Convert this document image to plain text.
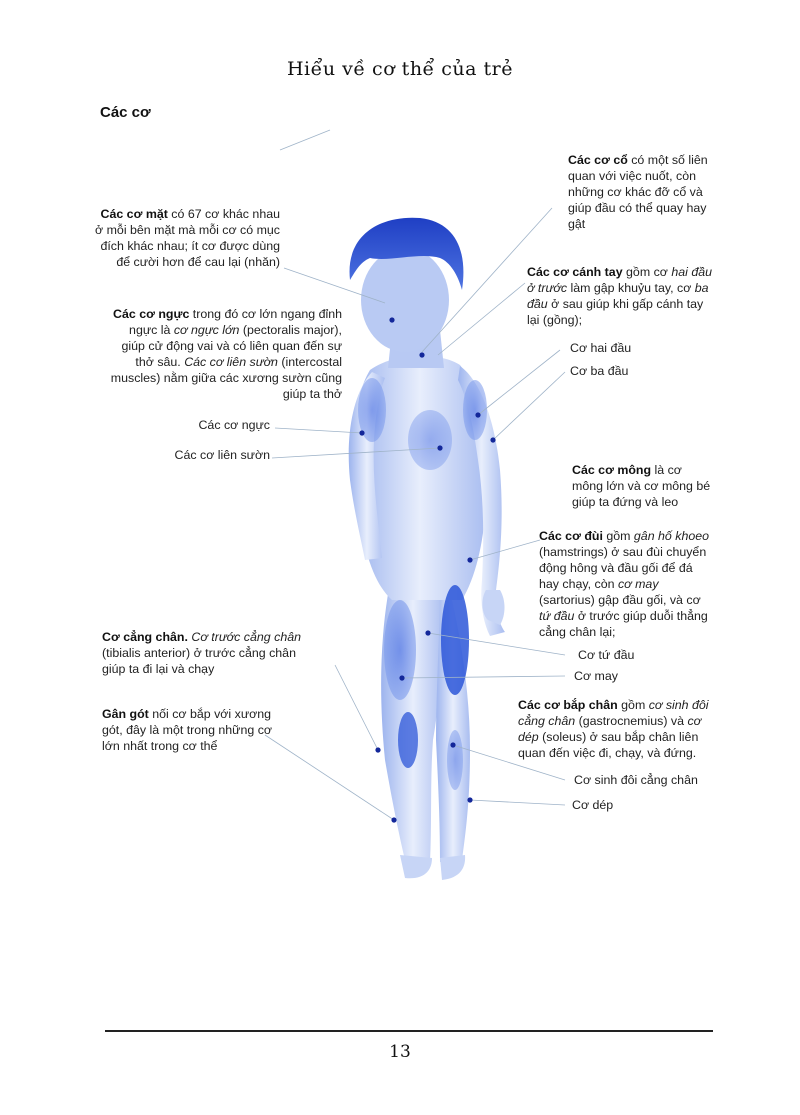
Hiểu về cơ thể của trẻ
Các cơ
Các cơ mặt có 67 cơ khác nhau ở mỗi bên mặt mà mỗi cơ có mục đích khác nhau; ít cơ được dùng để cười hơn để cau lại (nhăn)
Các cơ ngực trong đó cơ lớn ngang đỉnh ngực là cơ ngực lớn (pectoralis major), giúp cử động vai và có liên quan đến sự thở sâu. Các cơ liên sườn (intercostal muscles) nằm giữa các xương sườn cũng giúp ta thở
Các cơ ngực
Các cơ liên sườn
Cơ cẳng chân. Cơ trước cẳng chân (tibialis anterior) ở trước cẳng chân giúp ta đi lại và chạy
Gân gót nối cơ bắp với xương gót, đây là một trong những cơ lớn nhất trong cơ thể
Các cơ cổ có một số liên quan với việc nuốt, còn những cơ khác đỡ cổ và giúp đầu có thể quay hay gật
Các cơ cánh tay gồm cơ hai đầu ở trước làm gập khuỷu tay, cơ ba đầu ở sau giúp khi gấp cánh tay lại (gồng);
Cơ hai đầu
Cơ ba đầu
Các cơ mông là cơ mông lớn và cơ mông bé giúp ta đứng và leo
Các cơ đùi gồm gân hố khoeo (hamstrings) ở sau đùi chuyển động hông và đầu gối để đá hay chạy, còn cơ may (sartorius) gập đầu gối, và cơ tứ đầu ở trước giúp duỗi thẳng cẳng chân lại;
Cơ tứ đầu
Cơ may
Các cơ bắp chân gồm cơ sinh đôi cẳng chân (gastrocnemius) và cơ dép (soleus) ở sau bắp chân liên quan đến việc đi, chạy, và đứng.
Cơ sinh đôi cẳng chân
Cơ dép
13
